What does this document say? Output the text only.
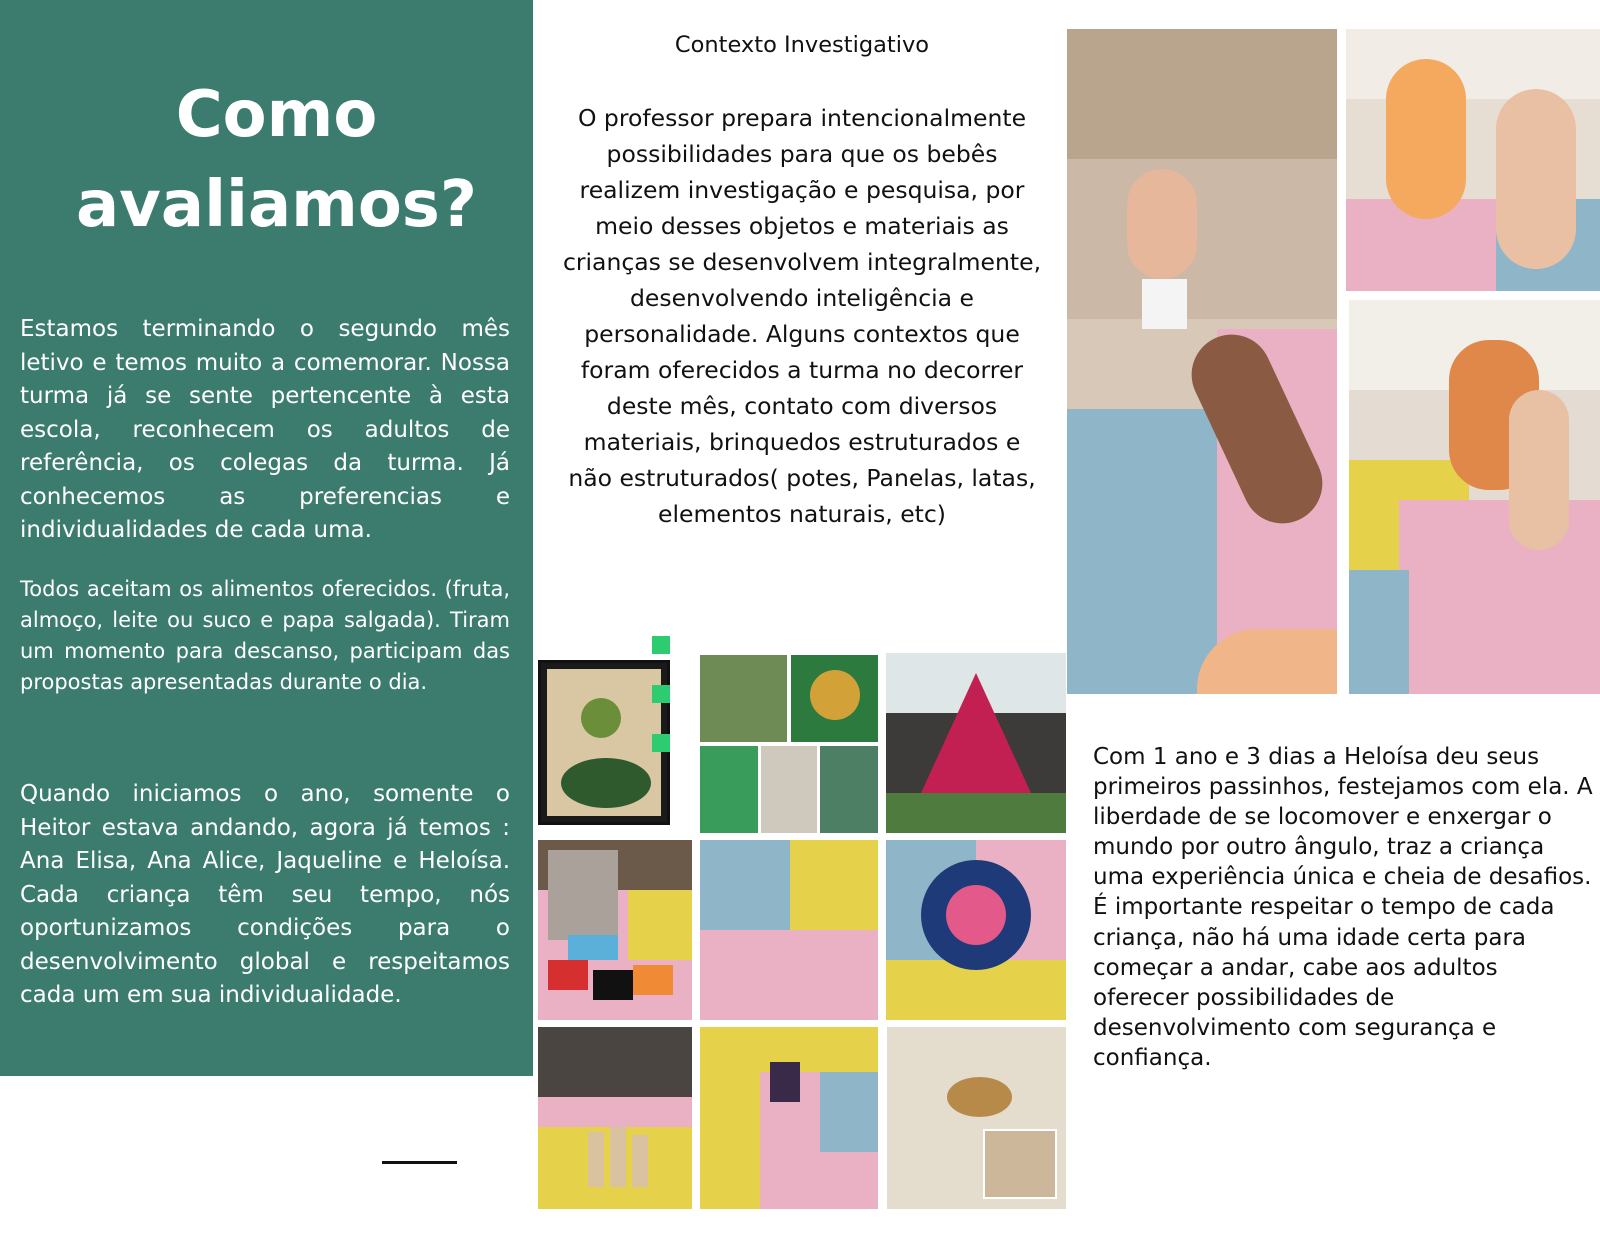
Como
avaliamos?

Estamos terminando o segundo mês letivo e temos muito a comemorar. Nossa turma já se sente pertencente à esta escola, reconhecem os adultos de referência, os colegas da turma. Já conhecemos as preferencias e individualidades de cada uma.

Todos aceitam os alimentos oferecidos. (fruta, almoço, leite ou suco e papa salgada). Tiram um momento para descanso, participam das propostas apresentadas durante o dia.

Quando iniciamos o ano, somente o Heitor estava andando, agora já temos : Ana Elisa, Ana Alice, Jaqueline e Heloísa. Cada criança têm seu tempo, nós oportunizamos condições para o desenvolvimento global e respeitamos cada um em sua individualidade.

Contexto Investigativo

O professor prepara intencionalmente possibilidades para que os bebês realizem investigação e pesquisa, por meio desses objetos e materiais as crianças se desenvolvem integralmente, desenvolvendo inteligência e personalidade. Alguns contextos que foram oferecidos a turma no decorrer deste mês, contato com diversos materiais, brinquedos estruturados e não estruturados( potes, Panelas, latas, elementos naturais, etc)

Com 1 ano e 3 dias a Heloísa deu seus primeiros passinhos, festejamos com ela. A liberdade de se locomover e enxergar o mundo por outro ângulo, traz a criança uma experiência única e cheia de desafios. É importante respeitar o tempo de cada criança, não há uma idade certa para começar a andar, cabe aos adultos oferecer possibilidades de desenvolvimento com segurança e confiança.
